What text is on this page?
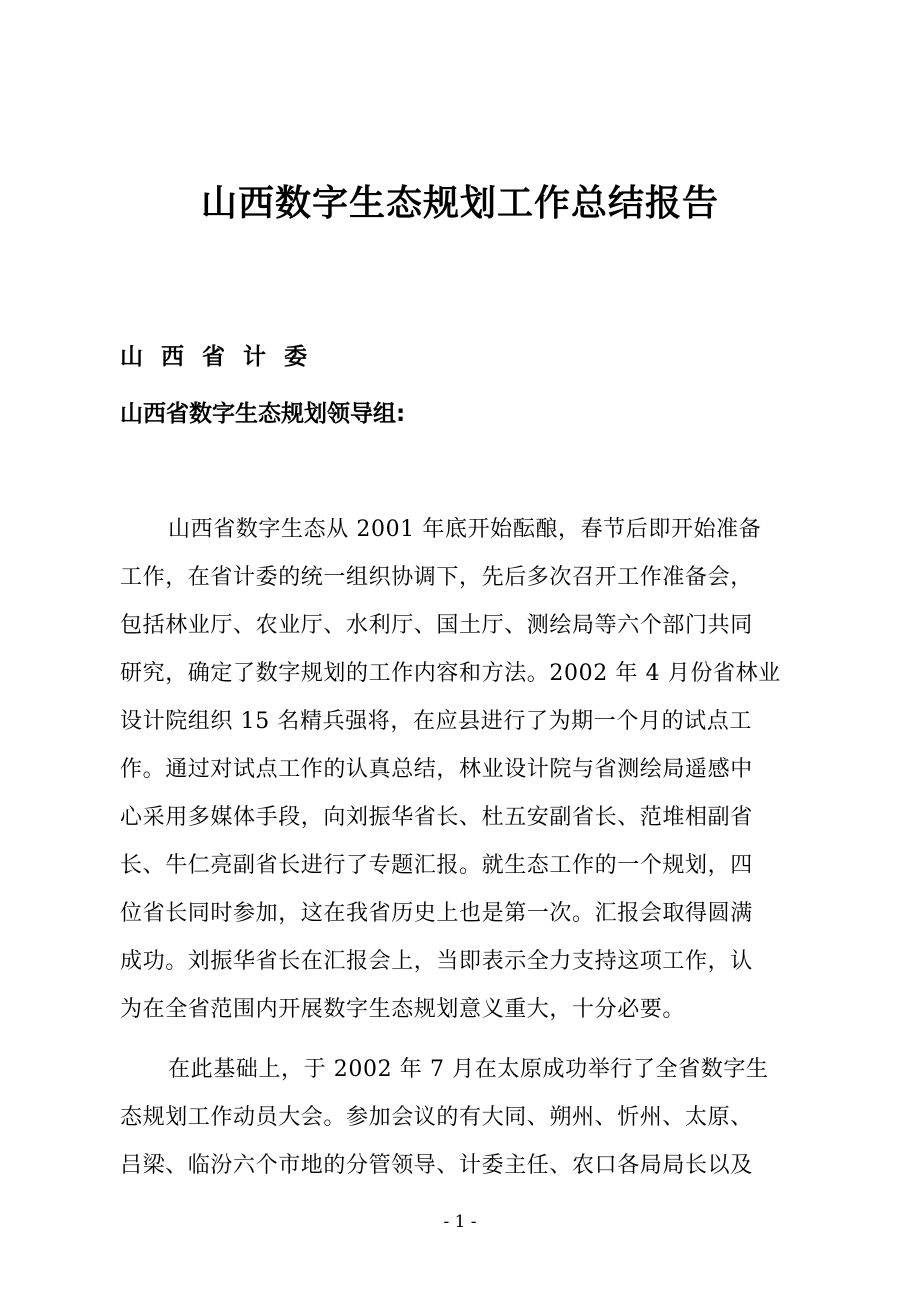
山西数字生态规划工作总结报告
山 西 省 计 委
山西省数字生态规划领导组:
山西省数字生态从 2001 年底开始酝酿，春节后即开始准备
工作，在省计委的统一组织协调下，先后多次召开工作准备会，
包括林业厅、农业厅、水利厅、国土厅、测绘局等六个部门共同
研究，确定了数字规划的工作内容和方法。2002 年 4 月份省林业
设计院组织 15 名精兵强将，在应县进行了为期一个月的试点工
作。通过对试点工作的认真总结，林业设计院与省测绘局遥感中
心采用多媒体手段，向刘振华省长、杜五安副省长、范堆相副省
长、牛仁亮副省长进行了专题汇报。就生态工作的一个规划，四
位省长同时参加，这在我省历史上也是第一次。汇报会取得圆满
成功。刘振华省长在汇报会上，当即表示全力支持这项工作，认
为在全省范围内开展数字生态规划意义重大，十分必要。
在此基础上，于 2002 年 7 月在太原成功举行了全省数字生
态规划工作动员大会。参加会议的有大同、朔州、忻州、太原、
吕梁、临汾六个市地的分管领导、计委主任、农口各局局长以及
- 1 -
